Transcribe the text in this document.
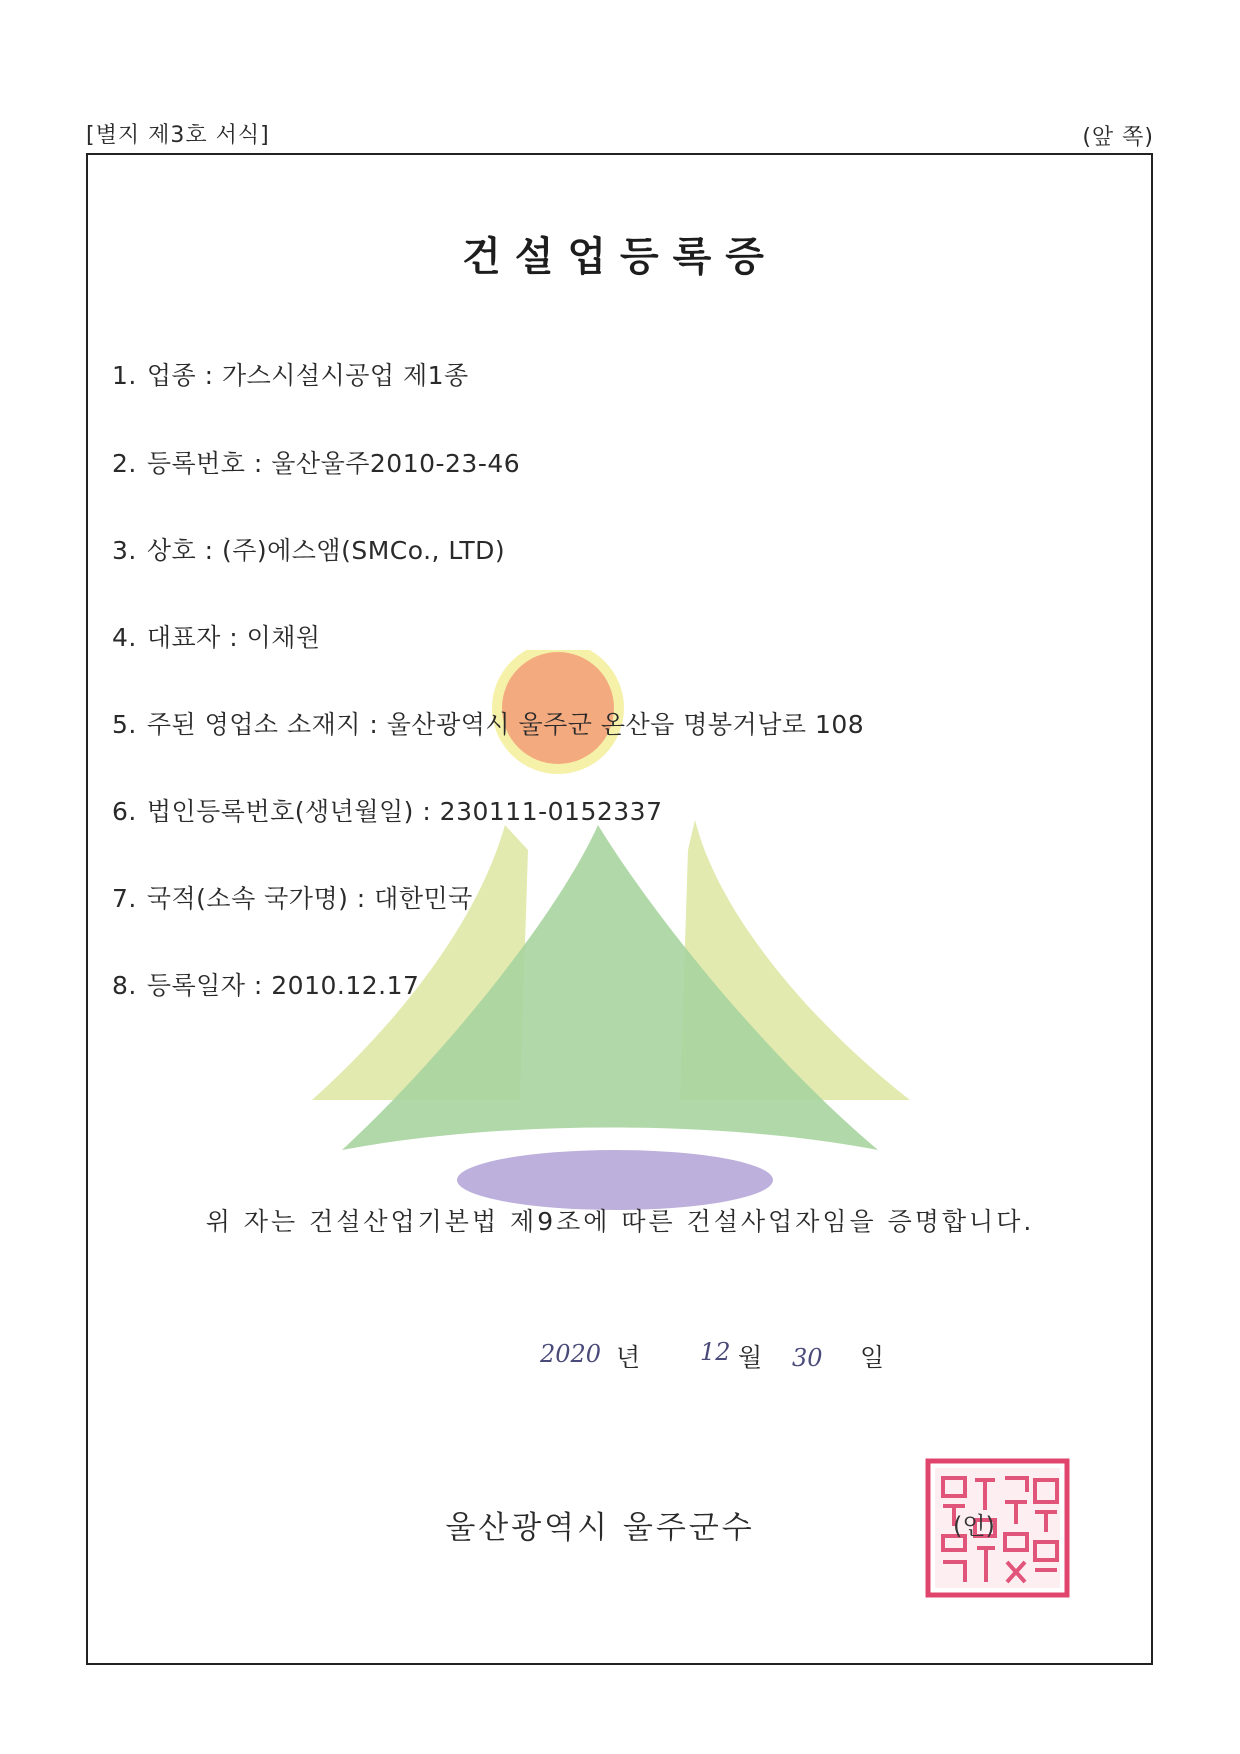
[별지 제3호 서식]	(앞 쪽)
건설업등록증
1. 업종 : 가스시설시공업 제1종
2. 등록번호 : 울산울주2010-23-46
3. 상호 : (주)에스앰(SMCo., LTD)
4. 대표자 : 이채원
5. 주된 영업소 소재지 : 울산광역시 울주군 온산읍 명봉거남로 108
6. 법인등록번호(생년월일) : 230111-0152337
7. 국적(소속 국가명) : 대한민국
8. 등록일자 : 2010.12.17
위 자는 건설산업기본법 제9조에 따른 건설사업자임을 증명합니다.
2020 년 12 월 30 일
울산광역시 울주군수	(인)
